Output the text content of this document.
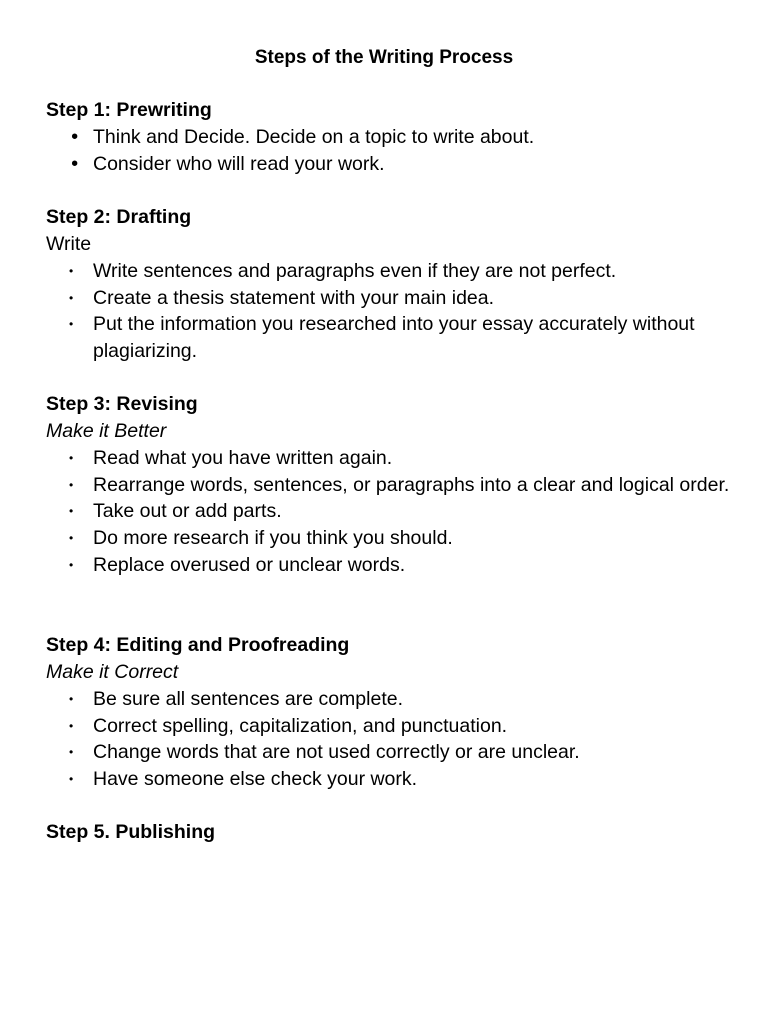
Steps of the Writing Process

Step 1: Prewriting

• Think and Decide. Decide on a topic to write about.
• Consider who will read your work.

Step 2: Drafting

Write

• Write sentences and paragraphs even if they are not perfect.
• Create a thesis statement with your main idea.
• Put the information you researched into your essay accurately without plagiarizing.

Step 3: Revising

Make it Better

• Read what you have written again.
• Rearrange words, sentences, or paragraphs into a clear and logical order.
• Take out or add parts.
• Do more research if you think you should.
• Replace overused or unclear words.

Step 4: Editing and Proofreading

Make it Correct

• Be sure all sentences are complete.
• Correct spelling, capitalization, and punctuation.
• Change words that are not used correctly or are unclear.
• Have someone else check your work.

Step 5. Publishing
